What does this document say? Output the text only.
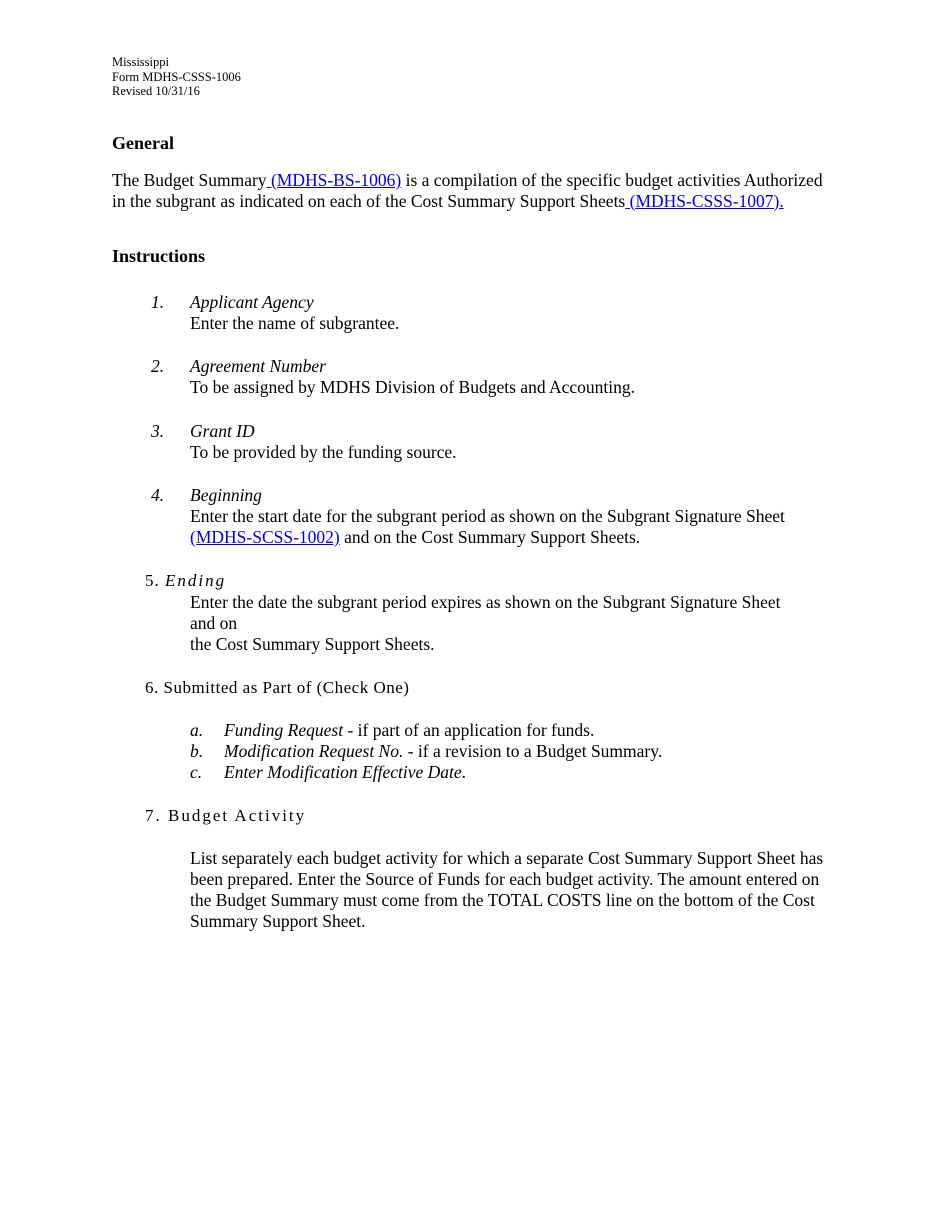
Mississippi
Form MDHS-CSSS-1006
Revised 10/31/16
General
The Budget Summary (MDHS-BS-1006) is a compilation of the specific budget activities Authorized in the subgrant as indicated on each of the Cost Summary Support Sheets (MDHS-CSSS-1007).
Instructions
1. Applicant Agency
Enter the name of subgrantee.
2. Agreement Number
To be assigned by MDHS Division of Budgets and Accounting.
3. Grant ID
To be provided by the funding source.
4. Beginning
Enter the start date for the subgrant period as shown on the Subgrant Signature Sheet
(MDHS-SCSS-1002) and on the Cost Summary Support Sheets.
5. Ending
Enter the date the subgrant period expires as shown on the Subgrant Signature Sheet
and on
the Cost Summary Support Sheets.
6. Submitted as Part of (Check One)
a. Funding Request - if part of an application for funds.
b. Modification Request No. - if a revision to a Budget Summary.
c. Enter Modification Effective Date.
7. Budget Activity
List separately each budget activity for which a separate Cost Summary Support Sheet has been prepared. Enter the Source of Funds for each budget activity. The amount entered on the Budget Summary must come from the TOTAL COSTS line on the bottom of the Cost Summary Support Sheet.
